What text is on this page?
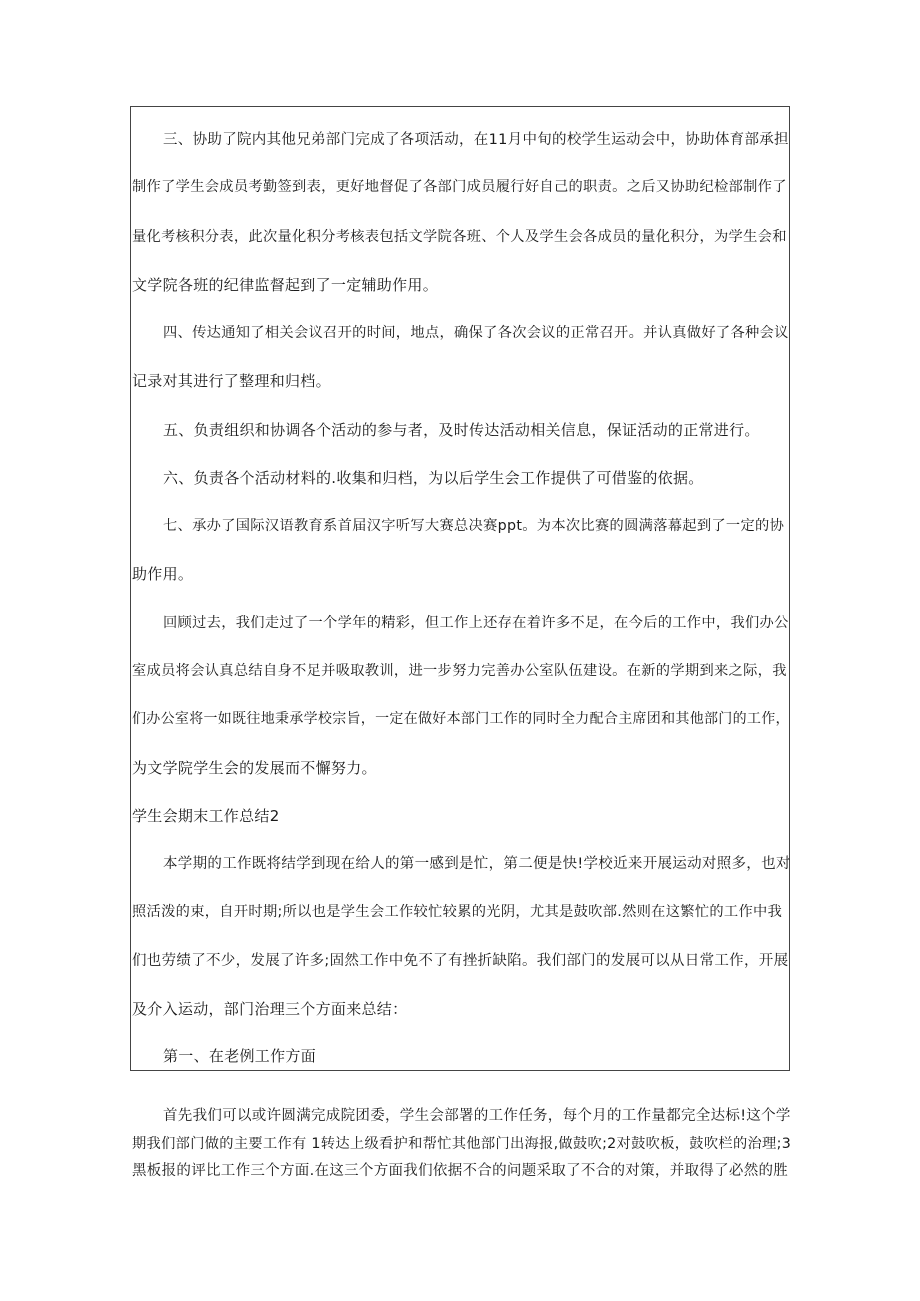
三、协助了院内其他兄弟部门完成了各项活动，在11月中旬的校学生运动会中，协助体育部承担
制作了学生会成员考勤签到表，更好地督促了各部门成员履行好自己的职责。之后又协助纪检部制作了
量化考核积分表，此次量化积分考核表包括文学院各班、个人及学生会各成员的量化积分，为学生会和
文学院各班的纪律监督起到了一定辅助作用。
四、传达通知了相关会议召开的时间，地点，确保了各次会议的正常召开。并认真做好了各种会议
记录对其进行了整理和归档。
五、负责组织和协调各个活动的参与者，及时传达活动相关信息，保证活动的正常进行。
六、负责各个活动材料的.收集和归档，为以后学生会工作提供了可借鉴的依据。
七、承办了国际汉语教育系首届汉字听写大赛总决赛ppt。为本次比赛的圆满落幕起到了一定的协
助作用。
回顾过去，我们走过了一个学年的精彩，但工作上还存在着许多不足，在今后的工作中，我们办公
室成员将会认真总结自身不足并吸取教训，进一步努力完善办公室队伍建设。在新的学期到来之际，我
们办公室将一如既往地秉承学校宗旨，一定在做好本部门工作的同时全力配合主席团和其他部门的工作，
为文学院学生会的发展而不懈努力。
学生会期末工作总结2
本学期的工作既将结学到现在给人的第一感到是忙，第二便是快!学校近来开展运动对照多，也对
照活泼的束，自开时期;所以也是学生会工作较忙较累的光阴，尤其是鼓吹部.然则在这繁忙的工作中我
们也劳绩了不少，发展了许多;固然工作中免不了有挫折缺陷。我们部门的发展可以从日常工作，开展
及介入运动，部门治理三个方面来总结：
第一、在老例工作方面
首先我们可以或许圆满完成院团委，学生会部署的工作任务，每个月的工作量都完全达标!这个学
期我们部门做的主要工作有 1转达上级看护和帮忙其他部门出海报,做鼓吹;2对鼓吹板，鼓吹栏的治理;3
黑板报的评比工作三个方面.在这三个方面我们依据不合的问题采取了不合的对策，并取得了必然的胜
